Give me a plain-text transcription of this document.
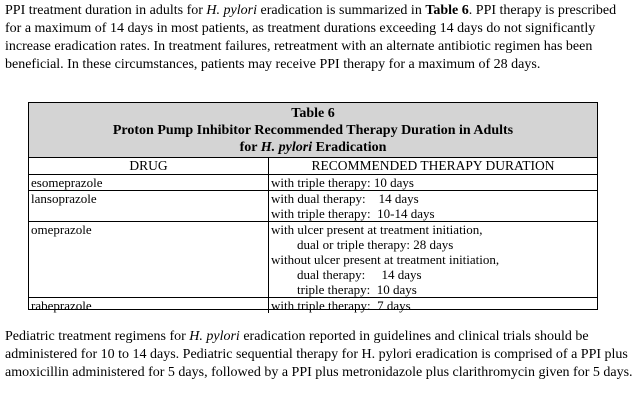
PPI treatment duration in adults for H. pylori eradication is summarized in Table 6. PPI therapy is prescribed for a maximum of 14 days in most patients, as treatment durations exceeding 14 days do not significantly increase eradication rates. In treatment failures, retreatment with an alternate antibiotic regimen has been beneficial. In these circumstances, patients may receive PPI therapy for a maximum of 28 days.

Table 6
Proton Pump Inhibitor Recommended Therapy Duration in Adults
for H. pylori Eradication
DRUG	RECOMMENDED THERAPY DURATION
esomeprazole	with triple therapy: 10 days
lansoprazole	with dual therapy:    14 days
with triple therapy:  10-14 days
omeprazole	with ulcer present at treatment initiation,
dual or triple therapy: 28 days
without ulcer present at treatment initiation,
dual therapy:     14 days
triple therapy:  10 days
rabeprazole	with triple therapy:  7 days

Pediatric treatment regimens for H. pylori eradication reported in guidelines and clinical trials should be administered for 10 to 14 days. Pediatric sequential therapy for H. pylori eradication is comprised of a PPI plus amoxicillin administered for 5 days, followed by a PPI plus metronidazole plus clarithromycin given for 5 days.
